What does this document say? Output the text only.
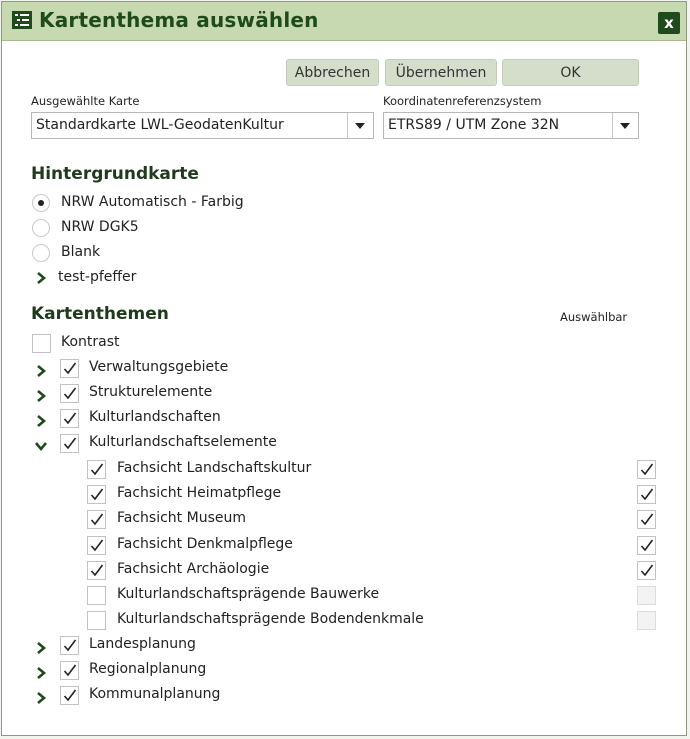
Kartenthema auswählen	x
Abbrechen	Übernehmen	OK
Ausgewählte Karte
Standardkarte LWL-GeodatenKultur
Koordinatenreferenzsystem
ETRS89 / UTM Zone 32N
Hintergrundkarte
NRW Automatisch - Farbig
NRW DGK5
Blank
test-pfeffer
Kartenthemen	Auswählbar
Kontrast
Verwaltungsgebiete
Strukturelemente
Kulturlandschaften
Kulturlandschaftselemente
Landesplanung
Regionalplanung
Kommunalplanung
Fachsicht Landschaftskultur
Fachsicht Heimatpflege
Fachsicht Museum
Fachsicht Denkmalpflege
Fachsicht Archäologie
Kulturlandschaftsprägende Bauwerke
Kulturlandschaftsprägende Bodendenkmale
